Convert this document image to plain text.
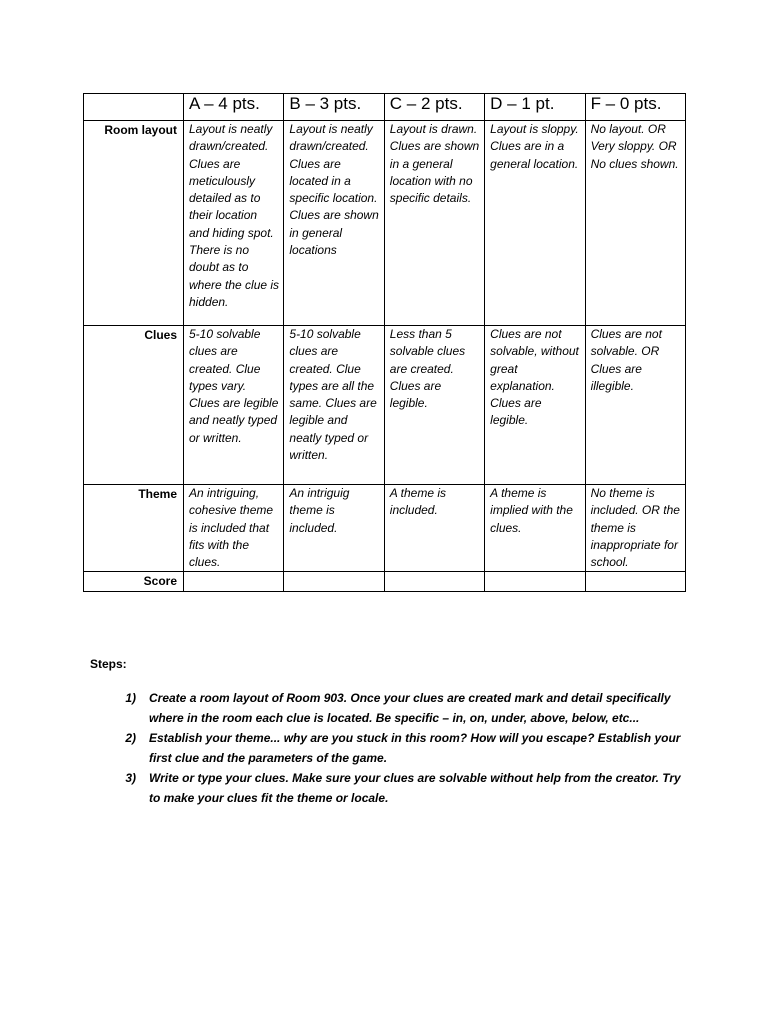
	A – 4 pts.	B – 3 pts.	C – 2 pts.	D – 1 pt.	F – 0 pts.
Room layout	Layout is neatly drawn/created. Clues are meticulously detailed as to their location and hiding spot. There is no doubt as to where the clue is hidden.	Layout is neatly drawn/created. Clues are located in a specific location. Clues are shown in general locations	Layout is drawn. Clues are shown in a general location with no specific details.	Layout is sloppy. Clues are in a general location.	No layout. OR Very sloppy. OR No clues shown.
Clues	5-10 solvable clues are created. Clue types vary. Clues are legible and neatly typed or written.	5-10 solvable clues are created. Clue types are all the same. Clues are legible and neatly typed or written.	Less than 5 solvable clues are created. Clues are legible.	Clues are not solvable, without great explanation. Clues are legible.	Clues are not solvable. OR Clues are illegible.
Theme	An intriguing, cohesive theme is included that fits with the clues.	An intriguig theme is included.	A theme is included.	A theme is implied with the clues.	No theme is included. OR the theme is inappropriate for school.
Score					

Steps:

1) Create a room layout of Room 903. Once your clues are created mark and detail specifically where in the room each clue is located. Be specific – in, on, under, above, below, etc...
2) Establish your theme... why are you stuck in this room? How will you escape? Establish your first clue and the parameters of the game.
3) Write or type your clues. Make sure your clues are solvable without help from the creator. Try to make your clues fit the theme or locale.
